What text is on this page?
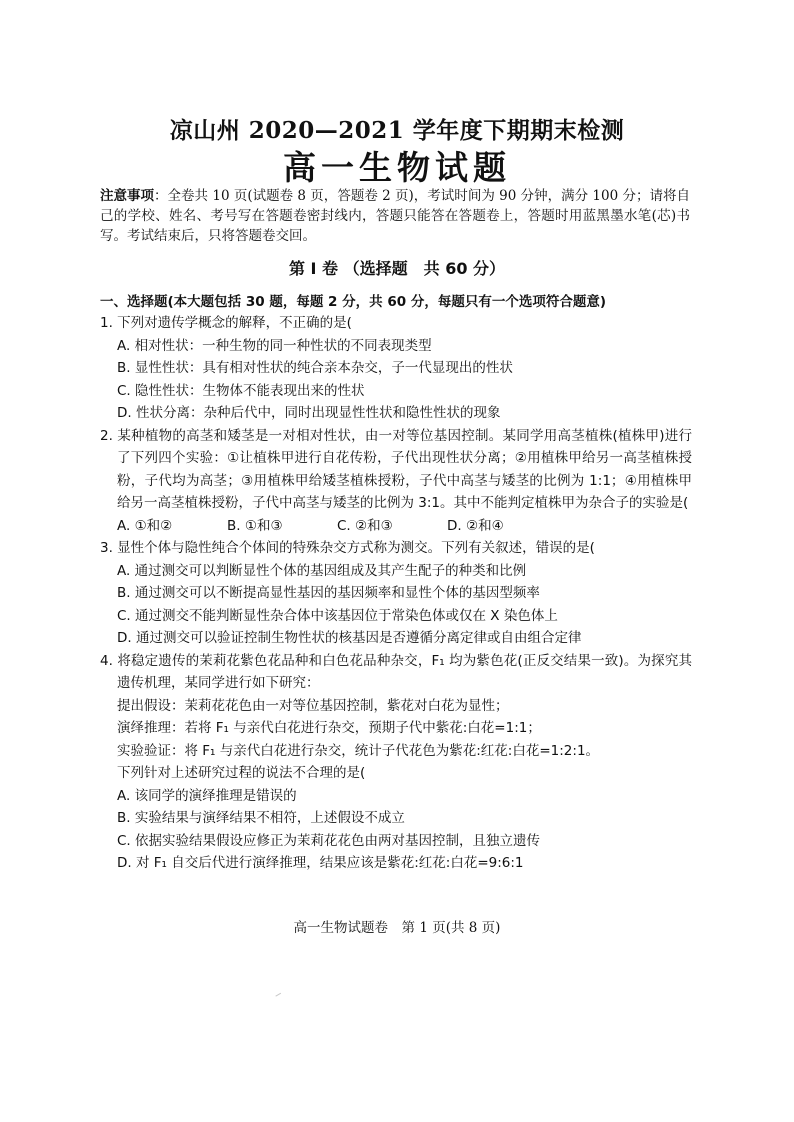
凉山州 2020—2021 学年度下期期末检测
高一生物试题
注意事项：全卷共 10 页(试题卷 8 页，答题卷 2 页)，考试时间为 90 分钟，满分 100 分；请将自己的学校、姓名、考号写在答题卷密封线内，答题只能答在答题卷上，答题时用蓝黑墨水笔(芯)书写。考试结束后，只将答题卷交回。
第 Ⅰ 卷 （选择题　共 60 分）
一、选择题(本大题包括 30 题，每题 2 分，共 60 分，每题只有一个选项符合题意)
1. 下列对遗传学概念的解释，不正确的是(
A. 相对性状：一种生物的同一种性状的不同表现类型
B. 显性性状：具有相对性状的纯合亲本杂交，子一代显现出的性状
C. 隐性性状：生物体不能表现出来的性状
D. 性状分离：杂种后代中，同时出现显性性状和隐性性状的现象
2. 某种植物的高茎和矮茎是一对相对性状，由一对等位基因控制。某同学用高茎植株(植株甲)进行了下列四个实验：①让植株甲进行自花传粉，子代出现性状分离；②用植株甲给另一高茎植株授粉，子代均为高茎；③用植株甲给矮茎植株授粉，子代中高茎与矮茎的比例为 1:1；④用植株甲给另一高茎植株授粉，子代中高茎与矮茎的比例为 3:1。其中不能判定植株甲为杂合子的实验是(
A. ①和②	B. ①和③	C. ②和③	D. ②和④
3. 显性个体与隐性纯合个体间的特殊杂交方式称为测交。下列有关叙述，错误的是(
A. 通过测交可以判断显性个体的基因组成及其产生配子的种类和比例
B. 通过测交可以不断提高显性基因的基因频率和显性个体的基因型频率
C. 通过测交不能判断显性杂合体中该基因位于常染色体或仅在 X 染色体上
D. 通过测交可以验证控制生物性状的核基因是否遵循分离定律或自由组合定律
4. 将稳定遗传的茉莉花紫色花品种和白色花品种杂交，F₁ 均为紫色花(正反交结果一致)。为探究其遗传机理，某同学进行如下研究：
提出假设：茉莉花花色由一对等位基因控制，紫花对白花为显性；
演绎推理：若将 F₁ 与亲代白花进行杂交，预期子代中紫花:白花=1:1；
实验验证：将 F₁ 与亲代白花进行杂交，统计子代花色为紫花:红花:白花=1:2:1。
下列针对上述研究过程的说法不合理的是(
A. 该同学的演绎推理是错误的
B. 实验结果与演绎结果不相符，上述假设不成立
C. 依据实验结果假设应修正为茉莉花花色由两对基因控制，且独立遗传
D. 对 F₁ 自交后代进行演绎推理，结果应该是紫花:红花:白花=9:6:1
高一生物试题卷　第 1 页(共 8 页)
